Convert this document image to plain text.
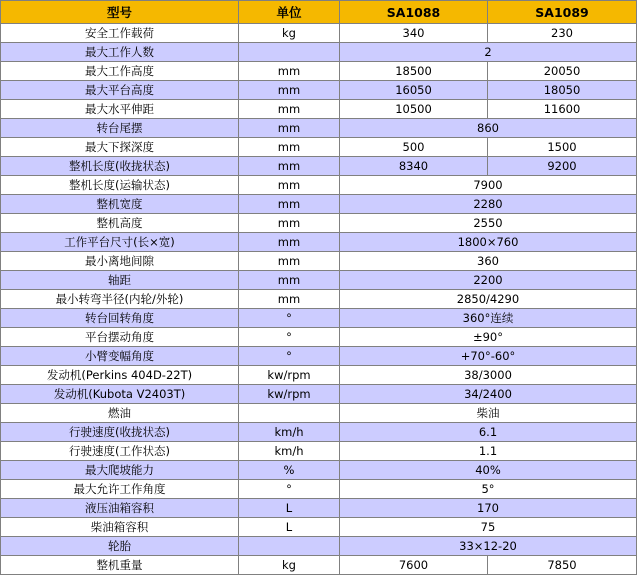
型号	单位	SA1088	SA1089
安全工作载荷	kg	340	230
最大工作人数		2	
最大工作高度	mm	18500	20050
最大平台高度	mm	16050	18050
最大水平伸距	mm	10500	11600
转台尾摆	mm	860	
最大下探深度	mm	500	1500
整机长度(收拢状态)	mm	8340	9200
整机长度(运输状态)	mm	7900	
整机宽度	mm	2280	
整机高度	mm	2550	
工作平台尺寸(长×宽)	mm	1800×760	
最小离地间隙	mm	360	
轴距	mm	2200	
最小转弯半径(内轮/外轮)	mm	2850/4290	
转台回转角度	°	360°连续	
平台摆动角度	°	±90°	
小臂变幅角度	°	+70°-60°	
发动机(Perkins 404D-22T)	kw/rpm	38/3000	
发动机(Kubota V2403T)	kw/rpm	34/2400	
燃油		柴油	
行驶速度(收拢状态)	km/h	6.1	
行驶速度(工作状态)	km/h	1.1	
最大爬坡能力	%	40%	
最大允许工作角度	°	5°	
液压油箱容积	L	170	
柴油箱容积	L	75	
轮胎		33×12-20	
整机重量	kg	7600	7850
